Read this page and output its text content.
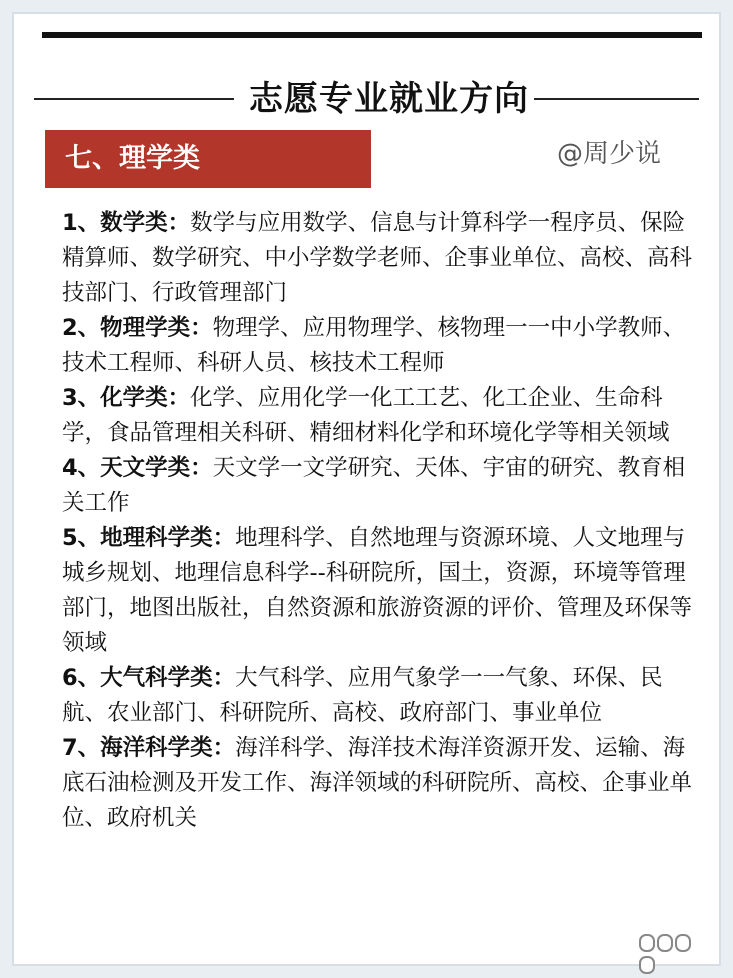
志愿专业就业方向
七、理学类	@周少说

1、数学类：数学与应用数学、信息与计算科学一程序员、保险精算师、数学研究、中小学数学老师、企事业单位、高校、高科技部门、行政管理部门

2、物理学类：物理学、应用物理学、核物理一一中小学教师、技术工程师、科研人员、核技术工程师

3、化学类：化学、应用化学一化工工艺、化工企业、生命科学，食品管理相关科研、精细材料化学和环境化学等相关领域

4、天文学类：天文学一文学研究、天体、宇宙的研究、教育相关工作

5、地理科学类：地理科学、自然地理与资源环境、人文地理与城乡规划、地理信息科学--科研院所，国土，资源，环境等管理部门，地图出版社，自然资源和旅游资源的评价、管理及环保等领域

6、大气科学类：大气科学、应用气象学一一气象、环保、民航、农业部门、科研院所、高校、政府部门、事业单位

7、海洋科学类：海洋科学、海洋技术海洋资源开发、运输、海底石油检测及开发工作、海洋领域的科研院所、高校、企事业单位、政府机关
